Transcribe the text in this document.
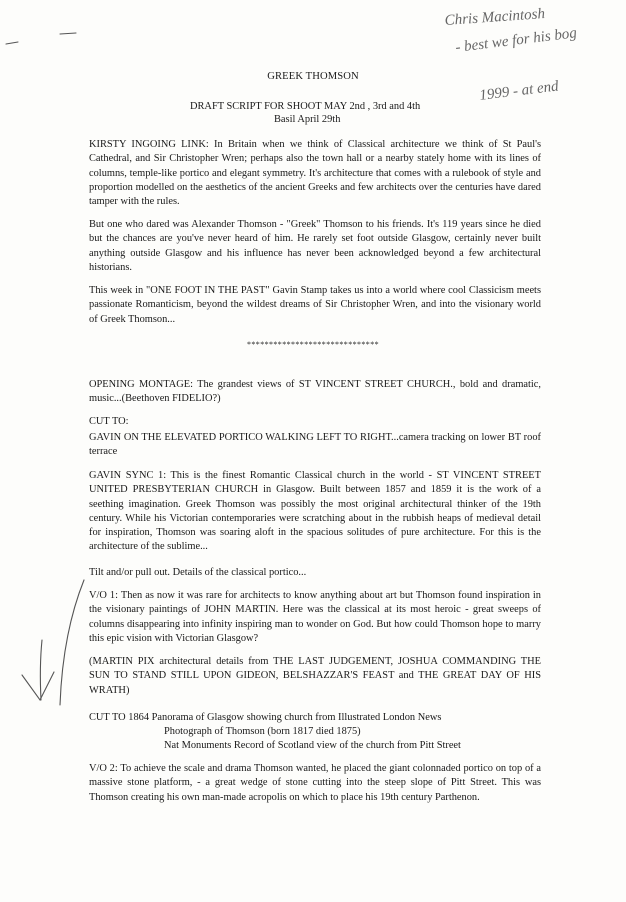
GREEK THOMSON
DRAFT SCRIPT FOR SHOOT MAY 2nd , 3rd and 4th
Basil April 29th

KIRSTY INGOING LINK: In Britain when we think of Classical architecture we think of St Paul's Cathedral, and Sir Christopher Wren; perhaps also the town hall or a nearby stately home with its lines of columns, temple-like portico and elegant symmetry. It's architecture that comes with a rulebook of style and proportion modelled on the aesthetics of the ancient Greeks and few architects over the centuries have dared tamper with the rules.

But one who dared was Alexander Thomson - "Greek" Thomson to his friends. It's 119 years since he died but the chances are you've never heard of him. He rarely set foot outside Glasgow, certainly never built anything outside Glasgow and his influence has never been acknowledged beyond a few architectural historians.

This week in "ONE FOOT IN THE PAST" Gavin Stamp takes us into a world where cool Classicism meets passionate Romanticism, beyond the wildest dreams of Sir Christopher Wren, and into the visionary world of Greek Thomson...

******************************

OPENING MONTAGE: The grandest views of ST VINCENT STREET CHURCH., bold and dramatic, music...(Beethoven FIDELIO?)

CUT TO:

GAVIN ON THE ELEVATED PORTICO WALKING LEFT TO RIGHT...camera tracking on lower BT roof terrace

GAVIN SYNC 1: This is the finest Romantic Classical church in the world - ST VINCENT STREET UNITED PRESBYTERIAN CHURCH in Glasgow. Built between 1857 and 1859 it is the work of a seething imagination. Greek Thomson was possibly the most original architectural thinker of the 19th century. While his Victorian contemporaries were scratching about in the rubbish heaps of medieval detail for inspiration, Thomson was soaring aloft in the spacious solitudes of pure architecture. For this is the architecture of the sublime...

Tilt and/or pull out. Details of the classical portico...

V/O 1: Then as now it was rare for architects to know anything about art but Thomson found inspiration in the visionary paintings of JOHN MARTIN. Here was the classical at its most heroic - great sweeps of columns disappearing into infinity inspiring man to wonder on God. But how could Thomson hope to marry this epic vision with Victorian Glasgow?

(MARTIN PIX architectural details from THE LAST JUDGEMENT, JOSHUA COMMANDING THE SUN TO STAND STILL UPON GIDEON, BELSHAZZAR'S FEAST and THE GREAT DAY OF HIS WRATH)

CUT TO 1864 Panorama of Glasgow showing church from Illustrated London News
Photograph of Thomson (born 1817 died 1875)
Nat Monuments Record of Scotland view of the church from Pitt Street

V/O 2: To achieve the scale and drama Thomson wanted, he placed the giant colonnaded portico on top of a massive stone platform, - a great wedge of stone cutting into the steep slope of Pitt Street. This was Thomson creating his own man-made acropolis on which to place his 19th century Parthenon.

Chris Macintosh
- best we for his bog
1999 - at end
